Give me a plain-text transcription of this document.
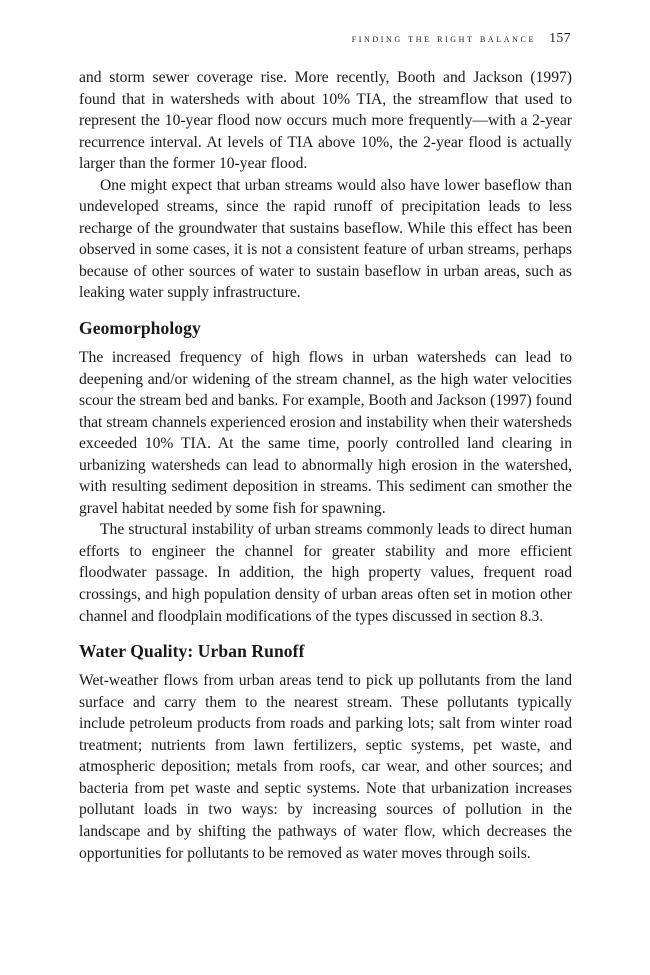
finding the right balance 157

and storm sewer coverage rise. More recently, Booth and Jackson (1997) found that in watersheds with about 10% TIA, the streamflow that used to represent the 10-year flood now occurs much more frequently—with a 2-year recurrence interval. At levels of TIA above 10%, the 2-year flood is actually larger than the former 10-year flood.

One might expect that urban streams would also have lower baseflow than undeveloped streams, since the rapid runoff of precipitation leads to less recharge of the groundwater that sustains baseflow. While this effect has been observed in some cases, it is not a consistent feature of urban streams, perhaps because of other sources of water to sustain baseflow in urban areas, such as leaking water supply infrastructure.

Geomorphology

The increased frequency of high flows in urban watersheds can lead to deepening and/or widening of the stream channel, as the high water velocities scour the stream bed and banks. For example, Booth and Jackson (1997) found that stream channels experienced erosion and instability when their watersheds exceeded 10% TIA. At the same time, poorly controlled land clearing in urbanizing watersheds can lead to abnormally high erosion in the watershed, with resulting sediment deposition in streams. This sediment can smother the gravel habitat needed by some fish for spawning.

The structural instability of urban streams commonly leads to direct human efforts to engineer the channel for greater stability and more efficient floodwater passage. In addition, the high property values, frequent road crossings, and high population density of urban areas often set in motion other channel and floodplain modifications of the types discussed in section 8.3.

Water Quality: Urban Runoff

Wet-weather flows from urban areas tend to pick up pollutants from the land surface and carry them to the nearest stream. These pollutants typically include petroleum products from roads and parking lots; salt from winter road treatment; nutrients from lawn fertilizers, septic systems, pet waste, and atmospheric deposition; metals from roofs, car wear, and other sources; and bacteria from pet waste and septic systems. Note that urbanization increases pollutant loads in two ways: by increasing sources of pollution in the landscape and by shifting the pathways of water flow, which decreases the opportunities for pollutants to be removed as water moves through soils.
